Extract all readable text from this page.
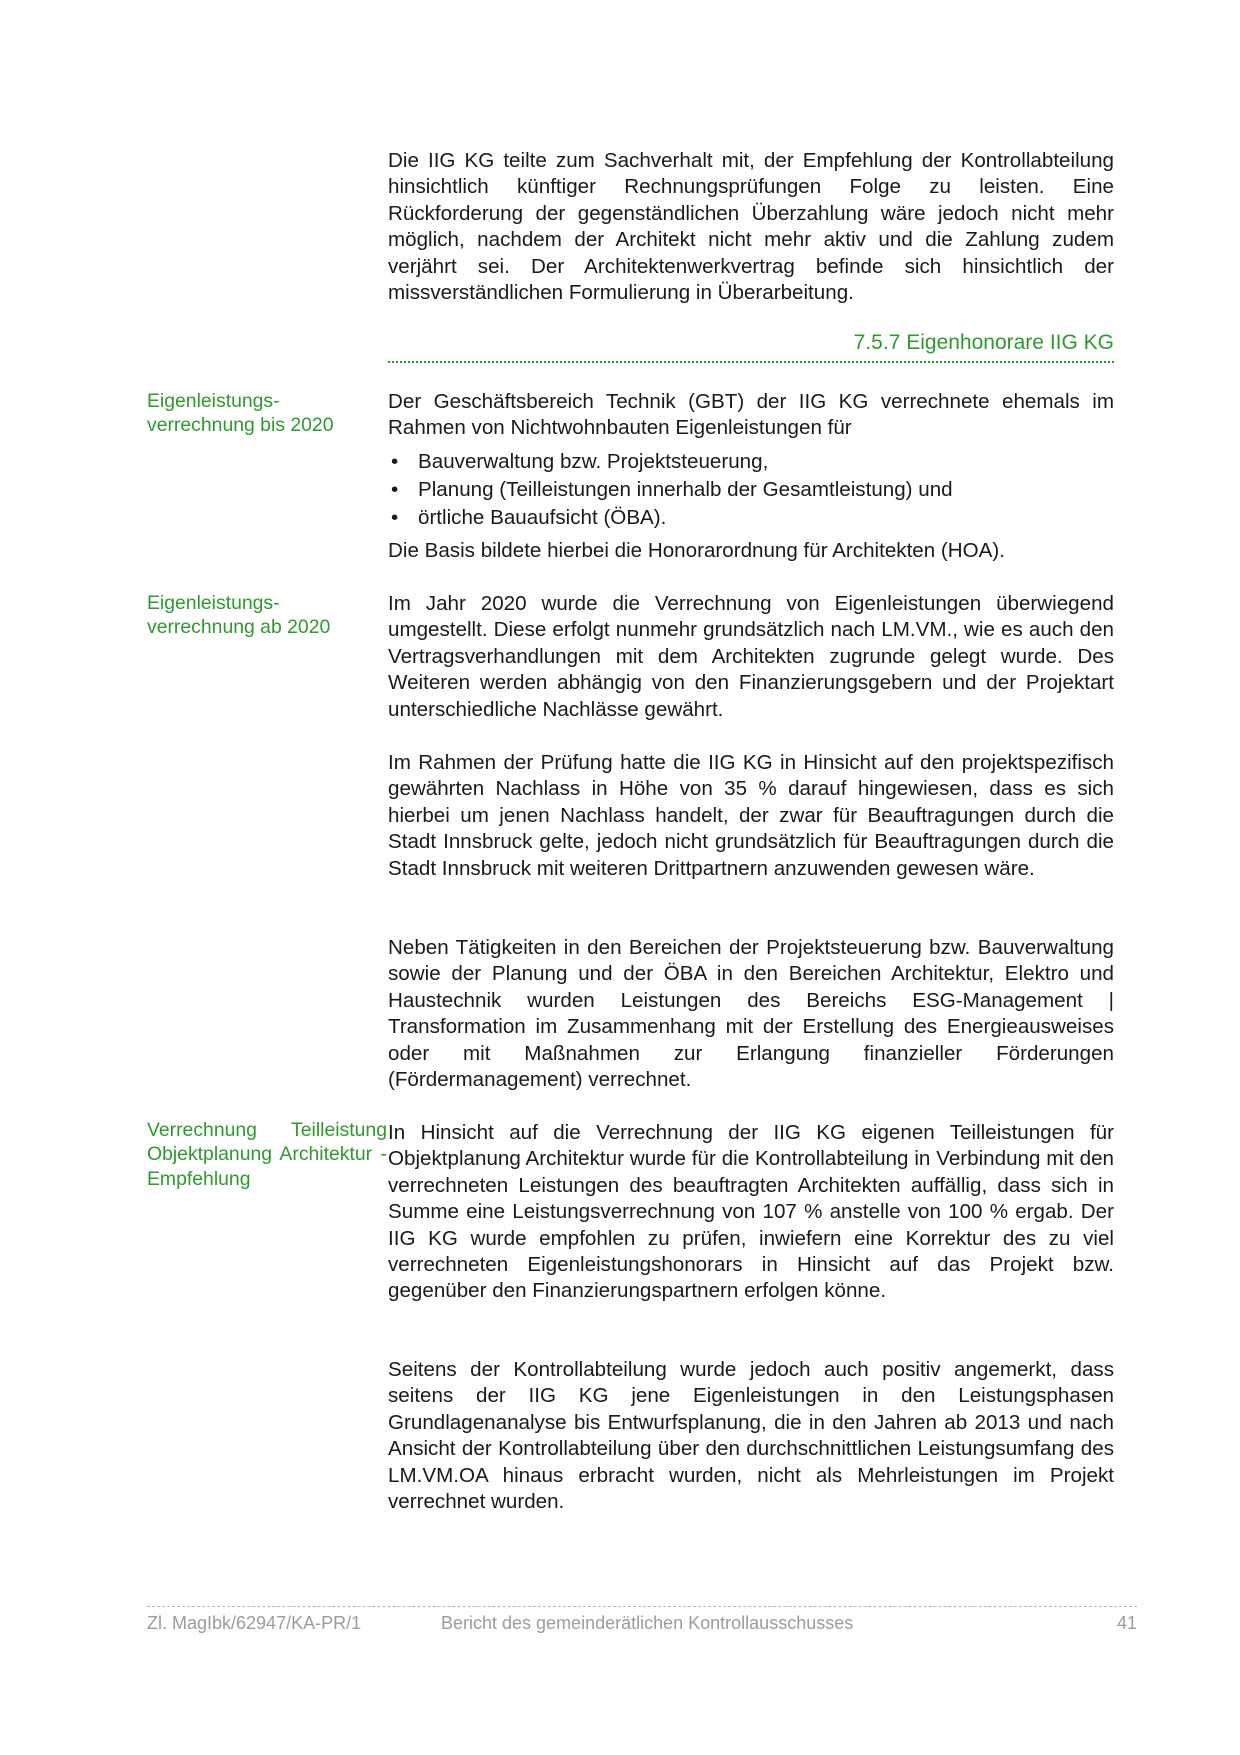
Die IIG KG teilte zum Sachverhalt mit, der Empfehlung der Kontrollabteilung hinsichtlich künftiger Rechnungsprüfungen Folge zu leisten. Eine Rückforderung der gegenständlichen Überzahlung wäre jedoch nicht mehr möglich, nachdem der Architekt nicht mehr aktiv und die Zahlung zudem verjährt sei. Der Architektenwerkvertrag befinde sich hinsichtlich der missverständlichen Formulierung in Überarbeitung.

7.5.7 Eigenhonorare IIG KG

Eigenleistungs-verrechnung bis 2020

Der Geschäftsbereich Technik (GBT) der IIG KG verrechnete ehemals im Rahmen von Nichtwohnbauten Eigenleistungen für

• Bauverwaltung bzw. Projektsteuerung,
• Planung (Teilleistungen innerhalb der Gesamtleistung) und
• örtliche Bauaufsicht (ÖBA).

Die Basis bildete hierbei die Honorarordnung für Architekten (HOA).

Eigenleistungs-verrechnung ab 2020

Im Jahr 2020 wurde die Verrechnung von Eigenleistungen überwiegend umgestellt. Diese erfolgt nunmehr grundsätzlich nach LM.VM., wie es auch den Vertragsverhandlungen mit dem Architekten zugrunde gelegt wurde. Des Weiteren werden abhängig von den Finanzierungsgebern und der Projektart unterschiedliche Nachlässe gewährt.

Im Rahmen der Prüfung hatte die IIG KG in Hinsicht auf den projektspezifisch gewährten Nachlass in Höhe von 35 % darauf hingewiesen, dass es sich hierbei um jenen Nachlass handelt, der zwar für Beauftragungen durch die Stadt Innsbruck gelte, jedoch nicht grundsätzlich für Beauftragungen durch die Stadt Innsbruck mit weiteren Drittpartnern anzuwenden gewesen wäre.

Neben Tätigkeiten in den Bereichen der Projektsteuerung bzw. Bauverwaltung sowie der Planung und der ÖBA in den Bereichen Architektur, Elektro und Haustechnik wurden Leistungen des Bereichs ESG-Management | Transformation im Zusammenhang mit der Erstellung des Energieausweises oder mit Maßnahmen zur Erlangung finanzieller Förderungen (Fördermanagement) verrechnet.

Verrechnung Teilleistung Objektplanung Architektur - Empfehlung

In Hinsicht auf die Verrechnung der IIG KG eigenen Teilleistungen für Objektplanung Architektur wurde für die Kontrollabteilung in Verbindung mit den verrechneten Leistungen des beauftragten Architekten auffällig, dass sich in Summe eine Leistungsverrechnung von 107 % anstelle von 100 % ergab. Der IIG KG wurde empfohlen zu prüfen, inwiefern eine Korrektur des zu viel verrechneten Eigenleistungshonorars in Hinsicht auf das Projekt bzw. gegenüber den Finanzierungspartnern erfolgen könne.

Seitens der Kontrollabteilung wurde jedoch auch positiv angemerkt, dass seitens der IIG KG jene Eigenleistungen in den Leistungsphasen Grundlagenanalyse bis Entwurfsplanung, die in den Jahren ab 2013 und nach Ansicht der Kontrollabteilung über den durchschnittlichen Leistungsumfang des LM.VM.OA hinaus erbracht wurden, nicht als Mehrleistungen im Projekt verrechnet wurden.

Zl. MagIbk/62947/KA-PR/1	Bericht des gemeinderätlichen Kontrollausschusses	41
